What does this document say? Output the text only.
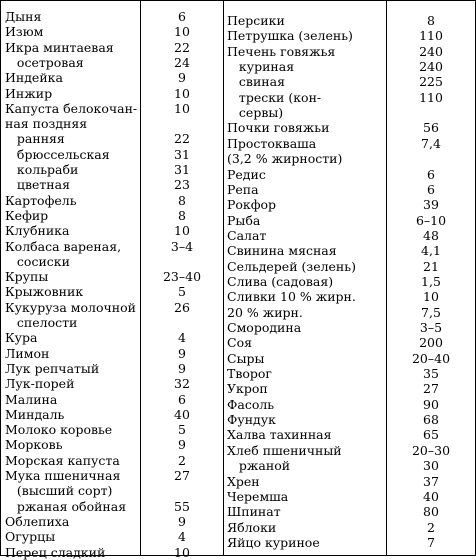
Дыня	6
Изюм	10
Икра минтаевая	22
осетровая	24
Индейка	9
Инжир	10
Капуста белокочан-	10
ная поздняя
ранняя	22
брюссельская	31
кольраби	31
цветная	23
Картофель	8
Кефир	8
Клубника	10
Колбаса вареная,	3–4
сосиски
Крупы	23–40
Крыжовник	5
Кукуруза молочной	26
спелости
Кура	4
Лимон	9
Лук репчатый	9
Лук-порей	32
Малина	6
Миндаль	40
Молоко коровье	5
Морковь	9
Морская капуста	2
Мука пшеничная	27
(высший сорт)
ржаная обойная	55
Облепиха	9
Огурцы	4
Перец сладкий	10
Персики	8
Петрушка (зелень)	110
Печень говяжья	240
куриная	240
свиная	225
трески (кон-	110
сервы)
Почки говяжьи	56
Простокваша	7,4
(3,2 % жирности)
Редис	6
Репа	6
Рокфор	39
Рыба	6–10
Салат	48
Свинина мясная	4,1
Сельдерей (зелень)	21
Слива (садовая)	1,5
Сливки 10 % жирн.	10
20 % жирн.	7,5
Смородина	3–5
Соя	200
Сыры	20–40
Творог	35
Укроп	27
Фасоль	90
Фундук	68
Халва тахинная	65
Хлеб пшеничный	20–30
ржаной	30
Хрен	37
Черемша	40
Шпинат	80
Яблоки	2
Яйцо куриное	7
